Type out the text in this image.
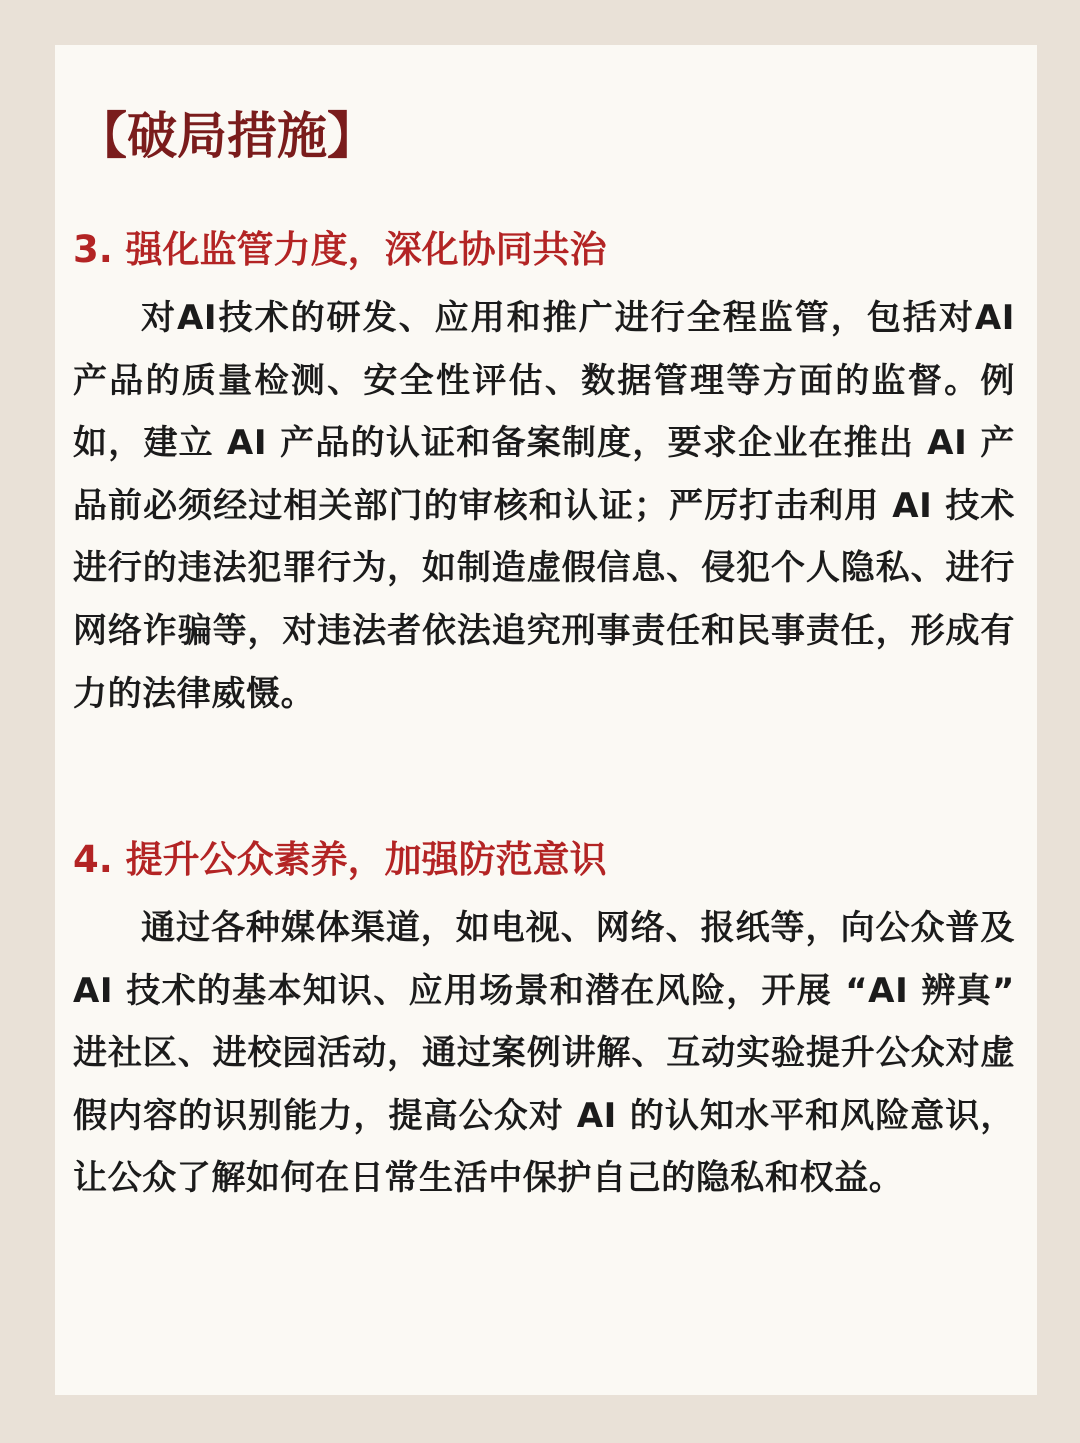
【破局措施】
3. 强化监管力度，深化协同共治

对AI技术的研发、应用和推广进行全程监管，包括对AI产品的质量检测、安全性评估、数据管理等方面的监督。例如，建立 AI 产品的认证和备案制度，要求企业在推出 AI 产品前必须经过相关部门的审核和认证；严厉打击利用 AI 技术进行的违法犯罪行为，如制造虚假信息、侵犯个人隐私、进行网络诈骗等，对违法者依法追究刑事责任和民事责任，形成有力的法律威慑。

4. 提升公众素养，加强防范意识

通过各种媒体渠道，如电视、网络、报纸等，向公众普及AI 技术的基本知识、应用场景和潜在风险，开展 “AI 辨真” 进社区、进校园活动，通过案例讲解、互动实验提升公众对虚假内容的识别能力，提高公众对 AI 的认知水平和风险意识，让公众了解如何在日常生活中保护自己的隐私和权益。
